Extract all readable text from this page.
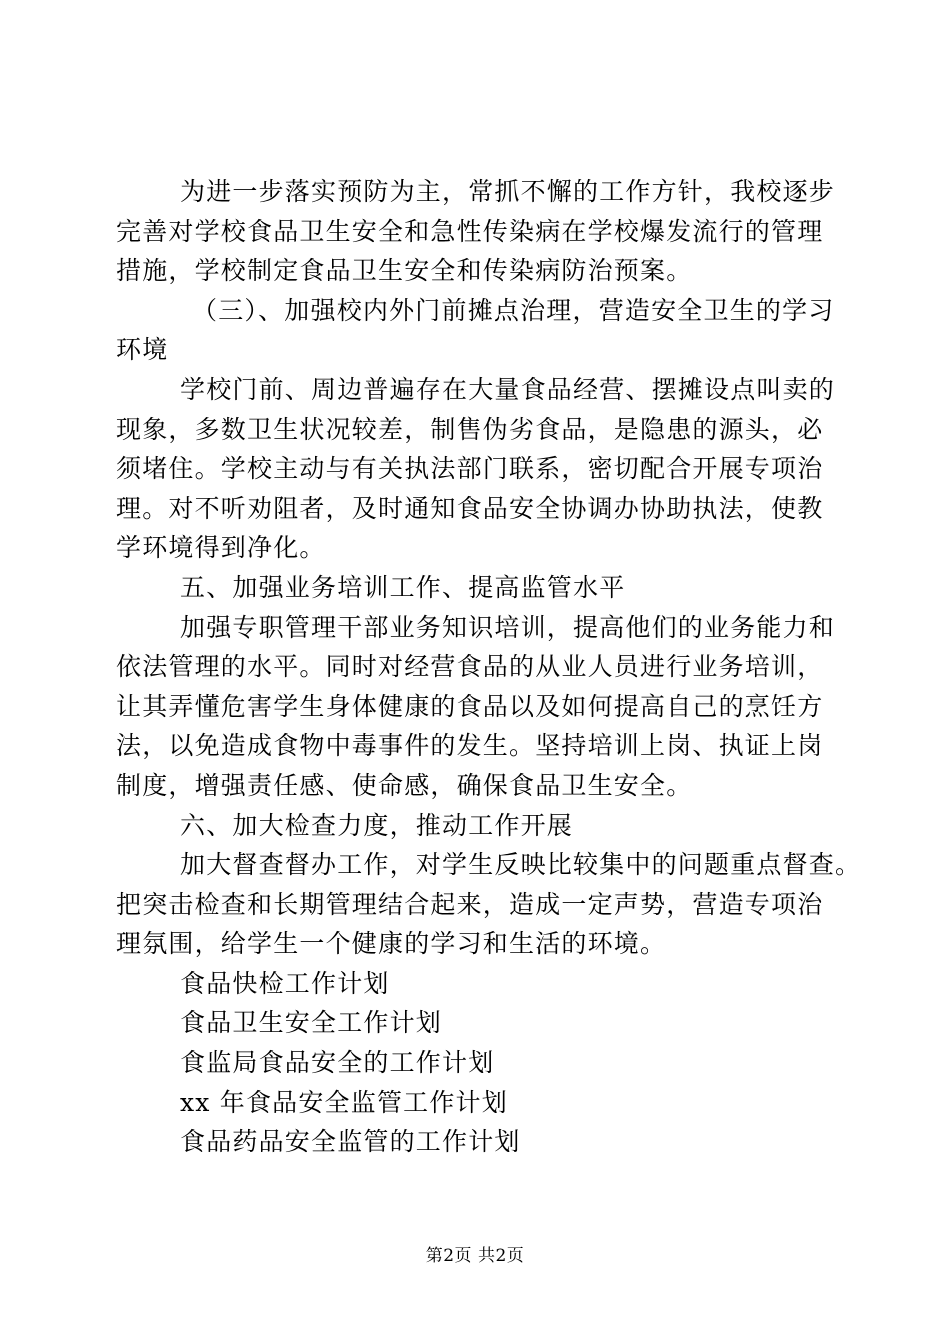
为进一步落实预防为主，常抓不懈的工作方针，我校逐步
完善对学校食品卫生安全和急性传染病在学校爆发流行的管理
措施，学校制定食品卫生安全和传染病防治预案。
（三）、加强校内外门前摊点治理，营造安全卫生的学习
环境
学校门前、周边普遍存在大量食品经营、摆摊设点叫卖的
现象，多数卫生状况较差，制售伪劣食品，是隐患的源头，必
须堵住。学校主动与有关执法部门联系，密切配合开展专项治
理。对不听劝阻者，及时通知食品安全协调办协助执法，使教
学环境得到净化。
五、加强业务培训工作、提高监管水平
加强专职管理干部业务知识培训，提高他们的业务能力和
依法管理的水平。同时对经营食品的从业人员进行业务培训，
让其弄懂危害学生身体健康的食品以及如何提高自己的烹饪方
法，以免造成食物中毒事件的发生。坚持培训上岗、执证上岗
制度，增强责任感、使命感，确保食品卫生安全。
六、加大检查力度，推动工作开展
加大督查督办工作，对学生反映比较集中的问题重点督查。
把突击检查和长期管理结合起来，造成一定声势，营造专项治
理氛围，给学生一个健康的学习和生活的环境。
食品快检工作计划
食品卫生安全工作计划
食监局食品安全的工作计划
xx 年食品安全监管工作计划
食品药品安全监管的工作计划
第2页 共2页
